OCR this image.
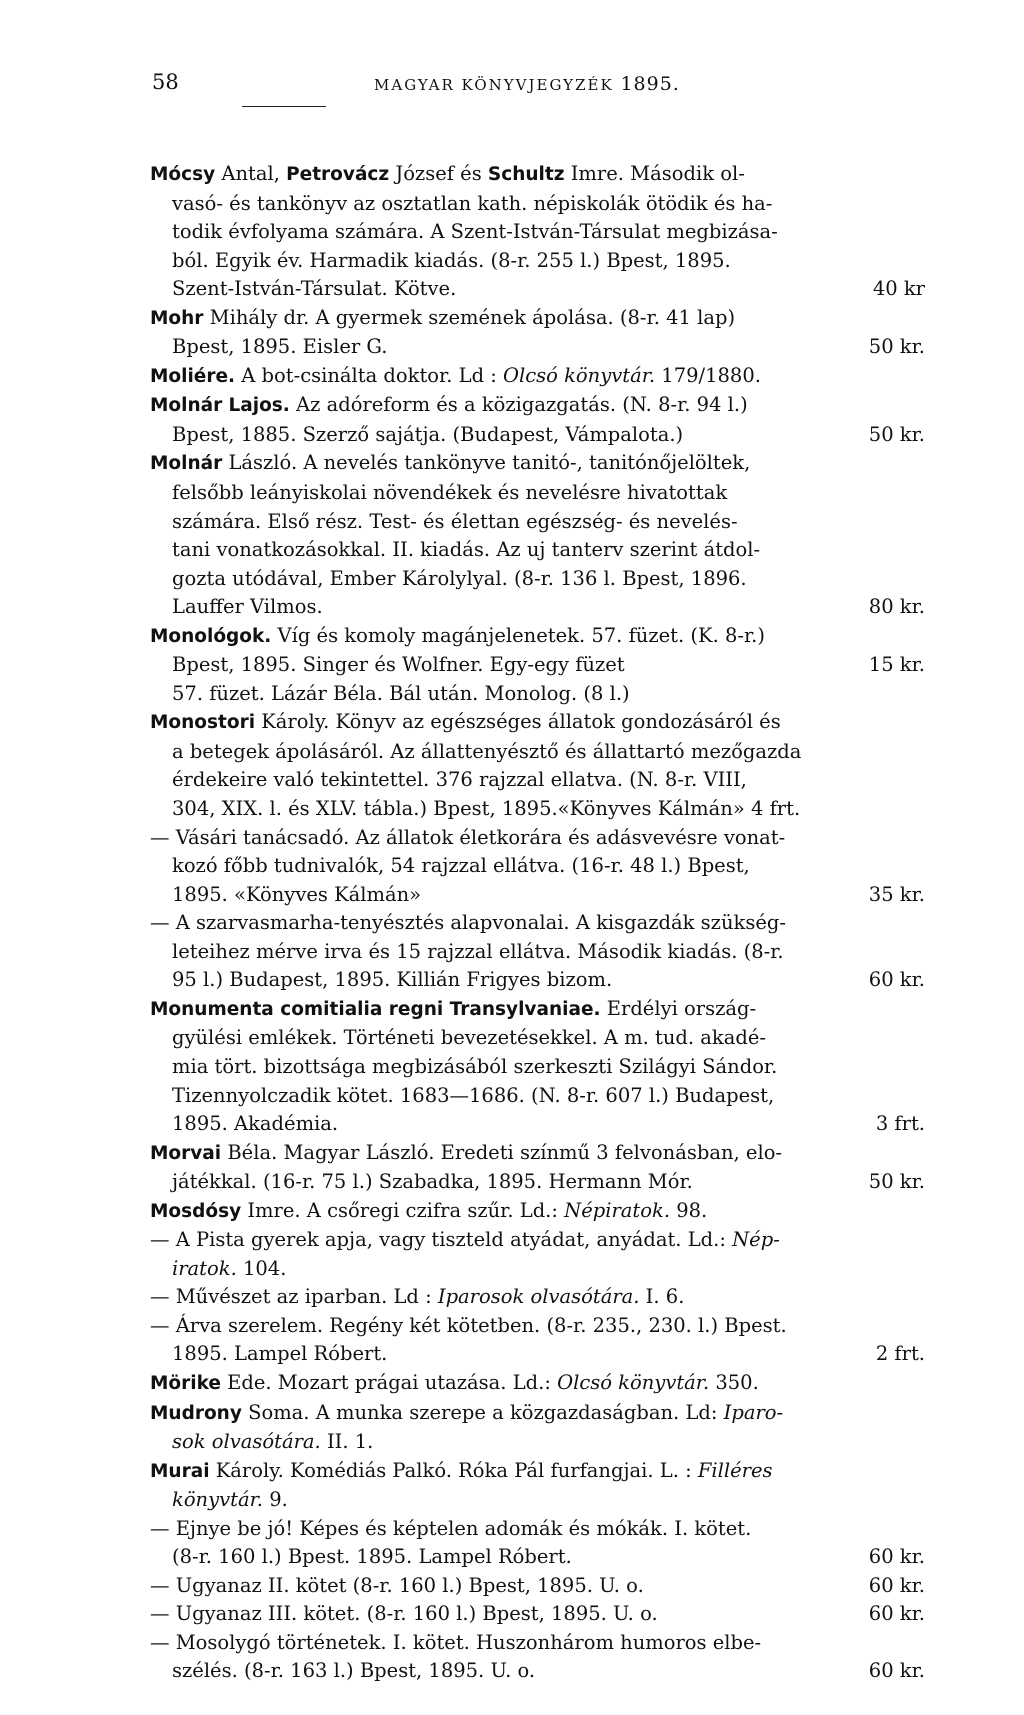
58	MAGYAR KÖNYVJEGYZÉK 1895.
Mócsy Antal, Petrovácz József és Schultz Imre. Második ol-
vasó- és tankönyv az osztatlan kath. népiskolák ötödik és ha-
todik évfolyama számára. A Szent-István-Társulat megbizása-
ból. Egyik év. Harmadik kiadás. (8-r. 255 l.) Bpest, 1895.
Szent-István-Társulat. Kötve.	40 kr
Mohr Mihály dr. A gyermek szemének ápolása. (8-r. 41 lap)
Bpest, 1895. Eisler G.	50 kr.
Moliére. A bot-csinálta doktor. Ld : Olcsó könyvtár. 179/1880.
Molnár Lajos. Az adóreform és a közigazgatás. (N. 8-r. 94 l.)
Bpest, 1885. Szerző sajátja. (Budapest, Vámpalota.)	50 kr.
Molnár László. A nevelés tankönyve tanitó-, tanitónőjelöltek,
felsőbb leányiskolai növendékek és nevelésre hivatottak
számára. Első rész. Test- és élettan egészség- és nevelés-
tani vonatkozásokkal. II. kiadás. Az uj tanterv szerint átdol-
gozta utódával, Ember Károlylyal. (8-r. 136 l. Bpest, 1896.
Lauffer Vilmos.	80 kr.
Monológok. Víg és komoly magánjelenetek. 57. füzet. (K. 8-r.)
Bpest, 1895. Singer és Wolfner. Egy-egy füzet	15 kr.
57. füzet. Lázár Béla. Bál után. Monolog. (8 l.)
Monostori Károly. Könyv az egészséges állatok gondozásáról és
a betegek ápolásáról. Az állattenyésztő és állattartó mezőgazda
érdekeire való tekintettel. 376 rajzzal ellatva. (N. 8-r. VIII,
304, XIX. l. és XLV. tábla.) Bpest, 1895.«Könyves Kálmán» 4 frt.
— Vásári tanácsadó. Az állatok életkorára és adásvevésre vonat-
kozó főbb tudnivalók, 54 rajzzal ellátva. (16-r. 48 l.) Bpest,
1895. «Könyves Kálmán»	35 kr.
— A szarvasmarha-tenyésztés alapvonalai. A kisgazdák szükség-
leteihez mérve irva és 15 rajzzal ellátva. Második kiadás. (8-r.
95 l.) Budapest, 1895. Killián Frigyes bizom.	60 kr.
Monumenta comitialia regni Transylvaniae. Erdélyi ország-
gyülési emlékek. Történeti bevezetésekkel. A m. tud. akadé-
mia tört. bizottsága megbizásából szerkeszti Szilágyi Sándor.
Tizennyolczadik kötet. 1683—1686. (N. 8-r. 607 l.) Budapest,
1895. Akadémia.	3 frt.
Morvai Béla. Magyar László. Eredeti színmű 3 felvonásban, elo-
játékkal. (16-r. 75 l.) Szabadka, 1895. Hermann Mór.	50 kr.
Mosdósy Imre. A csőregi czifra szűr. Ld.: Népiratok. 98.
— A Pista gyerek apja, vagy tiszteld atyádat, anyádat. Ld.: Nép-
iratok. 104.
— Művészet az iparban. Ld : Iparosok olvasótára. I. 6.
— Árva szerelem. Regény két kötetben. (8-r. 235., 230. l.) Bpest.
1895. Lampel Róbert.	2 frt.
Mörike Ede. Mozart prágai utazása. Ld.: Olcsó könyvtár. 350.
Mudrony Soma. A munka szerepe a közgazdaságban. Ld: Iparo-
sok olvasótára. II. 1.
Murai Károly. Komédiás Palkó. Róka Pál furfangjai. L. : Filléres
könyvtár. 9.
— Ejnye be jó! Képes és képtelen adomák és mókák. I. kötet.
(8-r. 160 l.) Bpest. 1895. Lampel Róbert.	60 kr.
— Ugyanaz II. kötet (8-r. 160 l.) Bpest, 1895. U. o.	60 kr.
— Ugyanaz III. kötet. (8-r. 160 l.) Bpest, 1895. U. o.	60 kr.
— Mosolygó történetek. I. kötet. Huszonhárom humoros elbe-
szélés. (8-r. 163 l.) Bpest, 1895. U. o.	60 kr.
